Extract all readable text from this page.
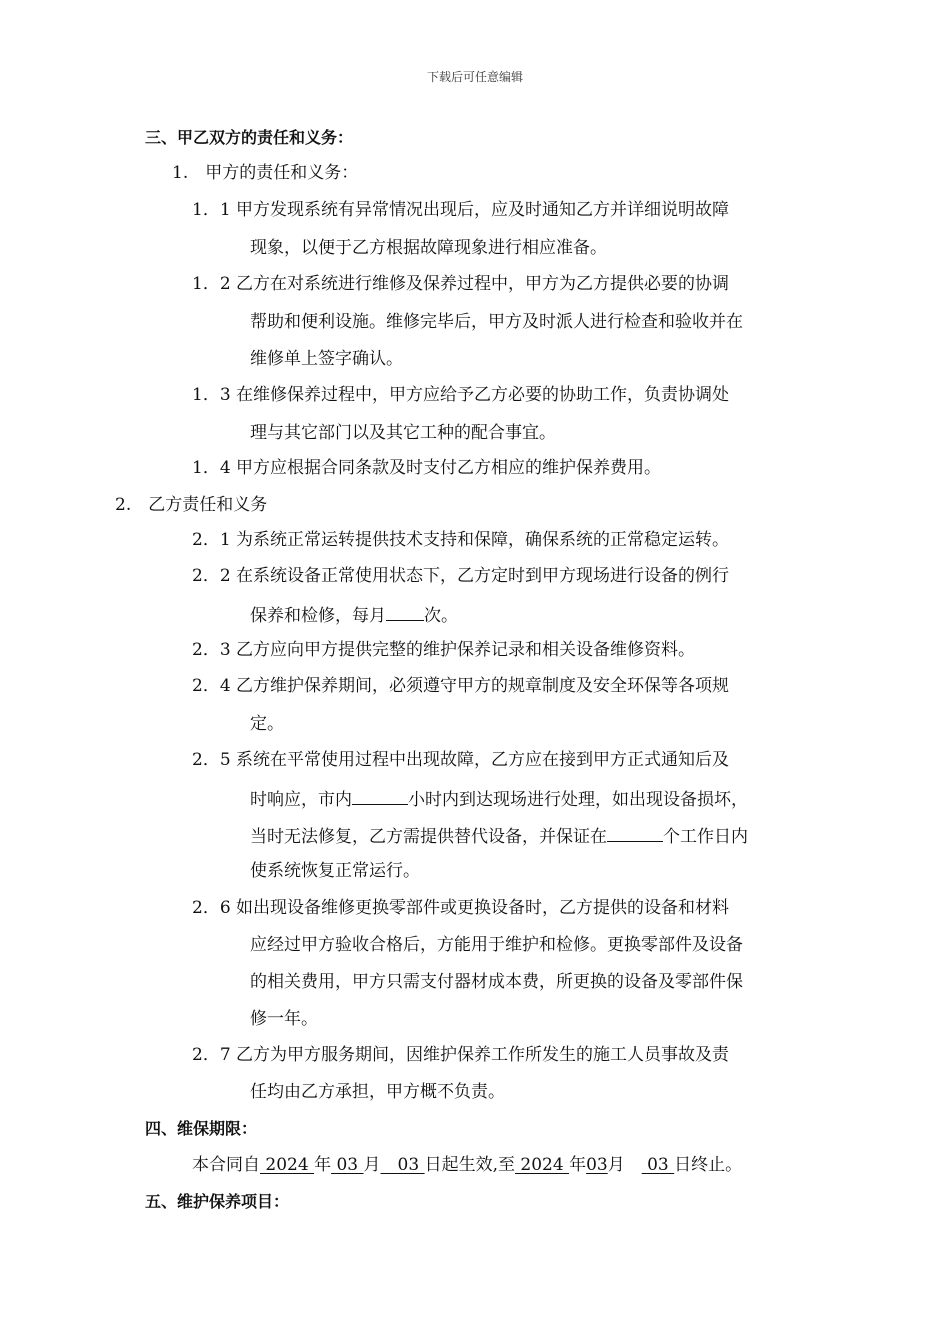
下载后可任意编辑
三、甲乙双方的责任和义务：
1.　甲方的责任和义务：
1．1 甲方发现系统有异常情况出现后，应及时通知乙方并详细说明故障
现象，以便于乙方根据故障现象进行相应准备。
1．2 乙方在对系统进行维修及保养过程中，甲方为乙方提供必要的协调
帮助和便利设施。维修完毕后，甲方及时派人进行检查和验收并在
维修单上签字确认。
1．3 在维修保养过程中，甲方应给予乙方必要的协助工作，负责协调处
理与其它部门以及其它工种的配合事宜。
1．4 甲方应根据合同条款及时支付乙方相应的维护保养费用。
2.　乙方责任和义务
2．1 为系统正常运转提供技术支持和保障，确保系统的正常稳定运转。
2．2 在系统设备正常使用状态下，乙方定时到甲方现场进行设备的例行
保养和检修，每月 次。
2．3 乙方应向甲方提供完整的维护保养记录和相关设备维修资料。
2．4 乙方维护保养期间，必须遵守甲方的规章制度及安全环保等各项规
定。
2．5 系统在平常使用过程中出现故障，乙方应在接到甲方正式通知后及
时响应，市内	小时内到达现场进行处理，如出现设备损坏，
当时无法修复，乙方需提供替代设备，并保证在	个工作日内
使系统恢复正常运行。
2．6 如出现设备维修更换零部件或更换设备时，乙方提供的设备和材料
应经过甲方验收合格后，方能用于维护和检修。更换零部件及设备
的相关费用，甲方只需支付器材成本费，所更换的设备及零部件保
修一年。
2．7 乙方为甲方服务期间，因维护保养工作所发生的施工人员事故及责
任均由乙方承担，甲方概不负责。
四、维保期限：
本合同自 2024 年 03 月　03 日起生效,至 2024 年03月　 03 日终止。
五、维护保养项目：
